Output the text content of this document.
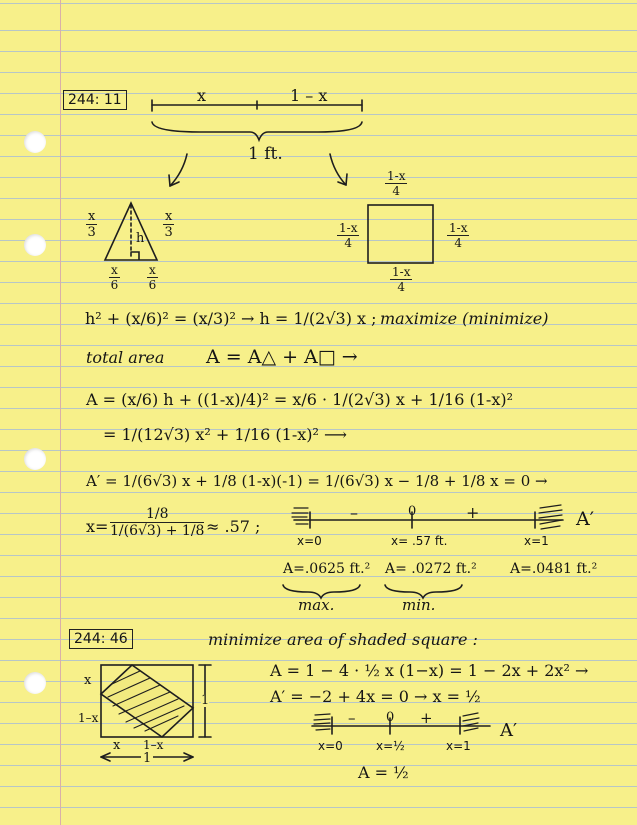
244: 11	x	1 – x
1 ft.
x
3
x
3
h
x
6
x
6
1-x
4
1-x
4
1-x
4
1-x
4
h² + (x/6)² = (x/3)² → h = 1/(2√3) x ; maximize (minimize)
total area A = A△ + A□ →
A = (x/6) h + ((1-x)/4)² = x/6 · 1/(2√3) x + 1/16 (1-x)²
= 1/(12√3) x² + 1/16 (1-x)² ⟶
A′ = 1/(6√3) x + 1/8 (1-x)(-1) = 1/(6√3) x − 1/8 + 1/8 x = 0 →
x=
1/8
1/(6√3) + 1/8 ≈ .57 ;
–	0	+	A′
x=0	x= .57 ft.	x=1
A=.0625 ft.² A= .0272 ft.² A=.0481 ft.²
max.	min.
244: 46	minimize area of shaded square :
x
1–x
x 1–x
1
1
A = 1 − 4 · ½ x (1−x) = 1 − 2x + 2x² →
A′ = −2 + 4x = 0 → x = ½
– 0 +
A′
x=0	x=½	x=1
A = ½
